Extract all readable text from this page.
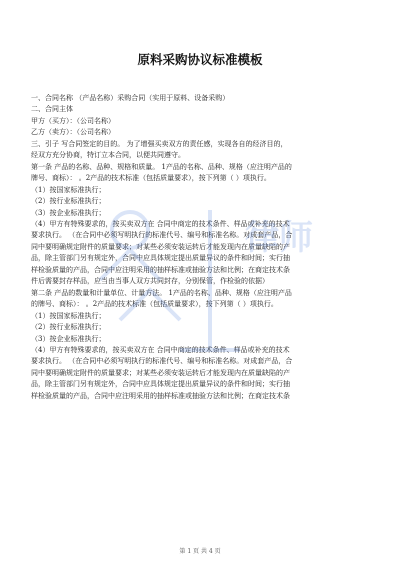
原料采购协议标准模板

一、合同名称 （产品名称）采购合同（实用于原料、设备采购）

二、合同主体

甲方（买方）：（公司名称）

乙方（卖方）：（公司名称）

三、引子 写合同签定的目的。 为了增强买卖双方的责任感，实现各自的经济目的，

经双方充分协商，特订立本合同，以便共同遵守。

第一条 产品的名称、品种、规格和质量。 1产品的名称、品种、规格（应注明产品的

牌号、商标）： 。2产品的技术标准（包括质量要求），按下列第（ ）项执行。

（1）按国家标准执行；

（2）按行业标准执行；

（3）按企业标准执行；

（4）甲方有特殊要求的，按买卖双方在 合同中商定的技术条件、样品或补充的技术

要求执行。 （在合同中必须写明执行的标准代号、编号和标准名称。对成套产品，合

同中要明确规定附件的质量要求；对某些必须安装运转后才能发现内在质量缺陷的产

品，除主管部门另有规定外，合同中应具体规定提出质量异议的条件和时间；实行抽

样检验质量的产品，合同中应注明采用的抽样标准或抽验方法和比例；在商定技术条

件后需要封存样品，应当由当事人双方共同封存，分别保管，作检验的依据）

第二条 产品的数量和计量单位、计量方法。 1产品的名称、品种、规格（应注明产品

的牌号、商标）： 。2产品的技术标准（包括质量要求），按下列第（ ）项执行。

（1）按国家标准执行；

（2）按行业标准执行；

（3）按企业标准执行；

（4）甲方有特殊要求的，按买卖双方在 合同中商定的技术条件、样品或补充的技术

要求执行。 （在合同中必须写明执行的标准代号、编号和标准名称。对成套产品，合

同中要明确规定附件的质量要求；对某些必须安装运转后才能发现内在质量缺陷的产

品，除主管部门另有规定外，合同中应具体规定提出质量异议的条件和时间；实行抽

样检验质量的产品，合同中应注明采用的抽样标准或抽验方法和比例；在商定技术条

律师
第 1 页 共 4 页
